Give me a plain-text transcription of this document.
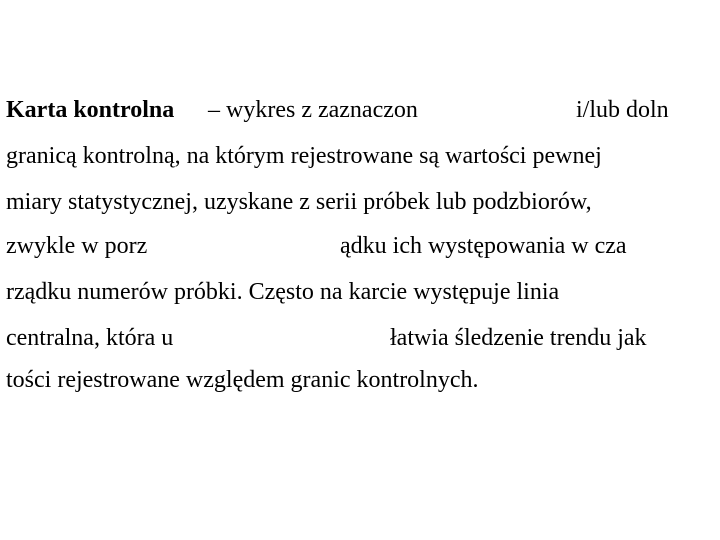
Karta kontrolna – wykres z zaznaczon	i/lub doln
granicą kontrolną, na którym rejestrowane są wartości pewnej
miary statystycznej, uzyskane z serii próbek lub podzbiorów,
zwykle w porz	ądku ich występowania w cza
rządku numerów próbki. Często na karcie występuje linia
centralna, która u	łatwia śledzenie trendu jak
tości rejestrowane względem granic kontrolnych.
